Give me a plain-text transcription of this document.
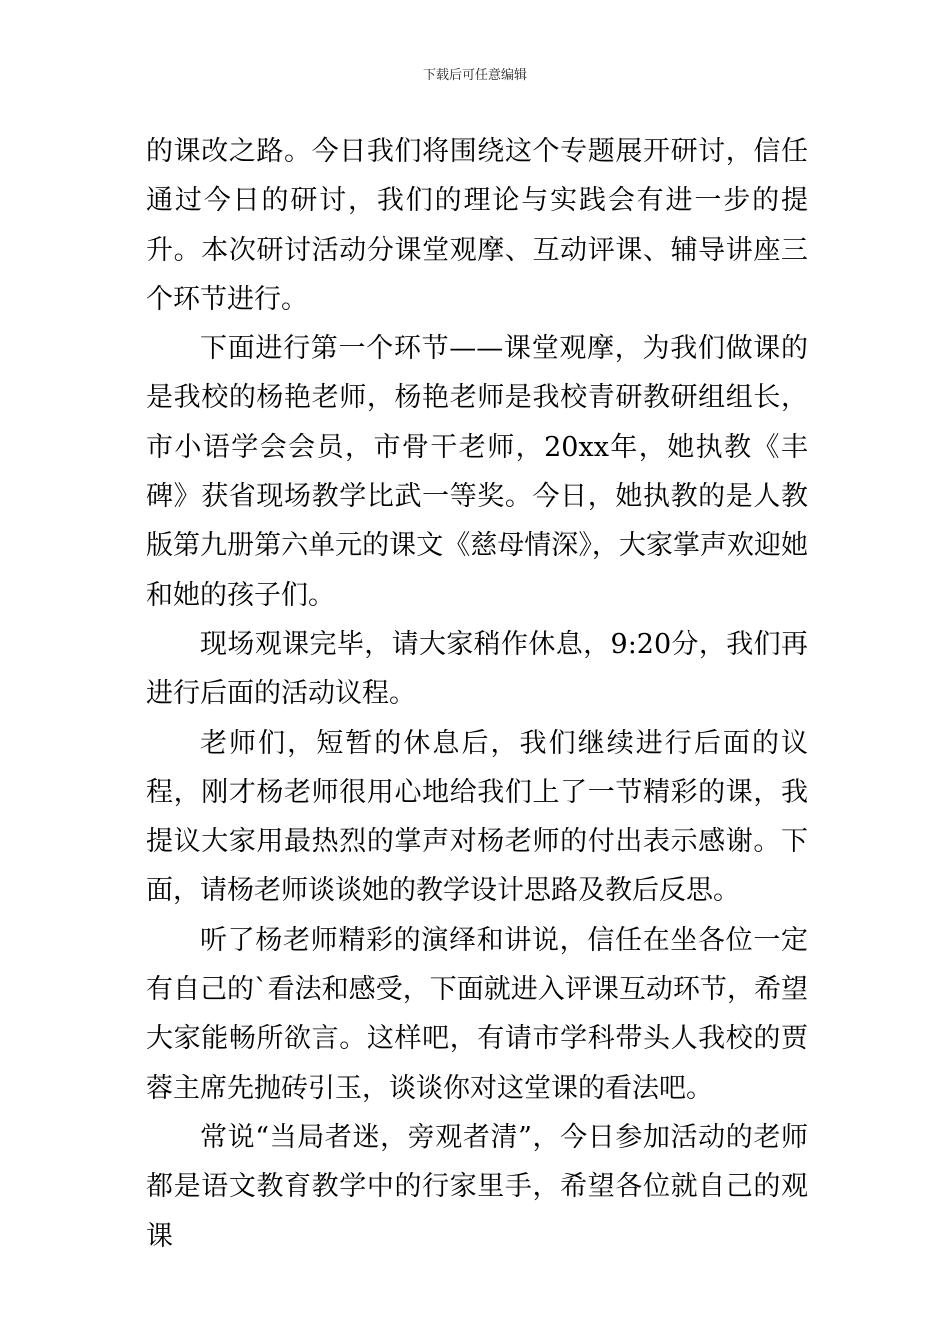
下载后可任意编辑

的课改之路。今日我们将围绕这个专题展开研讨，信任通过今日的研讨，我们的理论与实践会有进一步的提升。本次研讨活动分课堂观摩、互动评课、辅导讲座三个环节进行。

下面进行第一个环节——课堂观摩，为我们做课的是我校的杨艳老师，杨艳老师是我校青研教研组组长，市小语学会会员，市骨干老师，20xx年，她执教《丰碑》获省现场教学比武一等奖。今日，她执教的是人教版第九册第六单元的课文《慈母情深》，大家掌声欢迎她和她的孩子们。

现场观课完毕，请大家稍作休息，9:20分，我们再进行后面的活动议程。

老师们，短暂的休息后，我们继续进行后面的议程，刚才杨老师很用心地给我们上了一节精彩的课，我提议大家用最热烈的掌声对杨老师的付出表示感谢。下面，请杨老师谈谈她的教学设计思路及教后反思。

听了杨老师精彩的演绎和讲说，信任在坐各位一定有自己的`看法和感受，下面就进入评课互动环节，希望大家能畅所欲言。这样吧，有请市学科带头人我校的贾蓉主席先抛砖引玉，谈谈你对这堂课的看法吧。

常说“当局者迷，旁观者清”，今日参加活动的老师都是语文教育教学中的行家里手，希望各位就自己的观课
